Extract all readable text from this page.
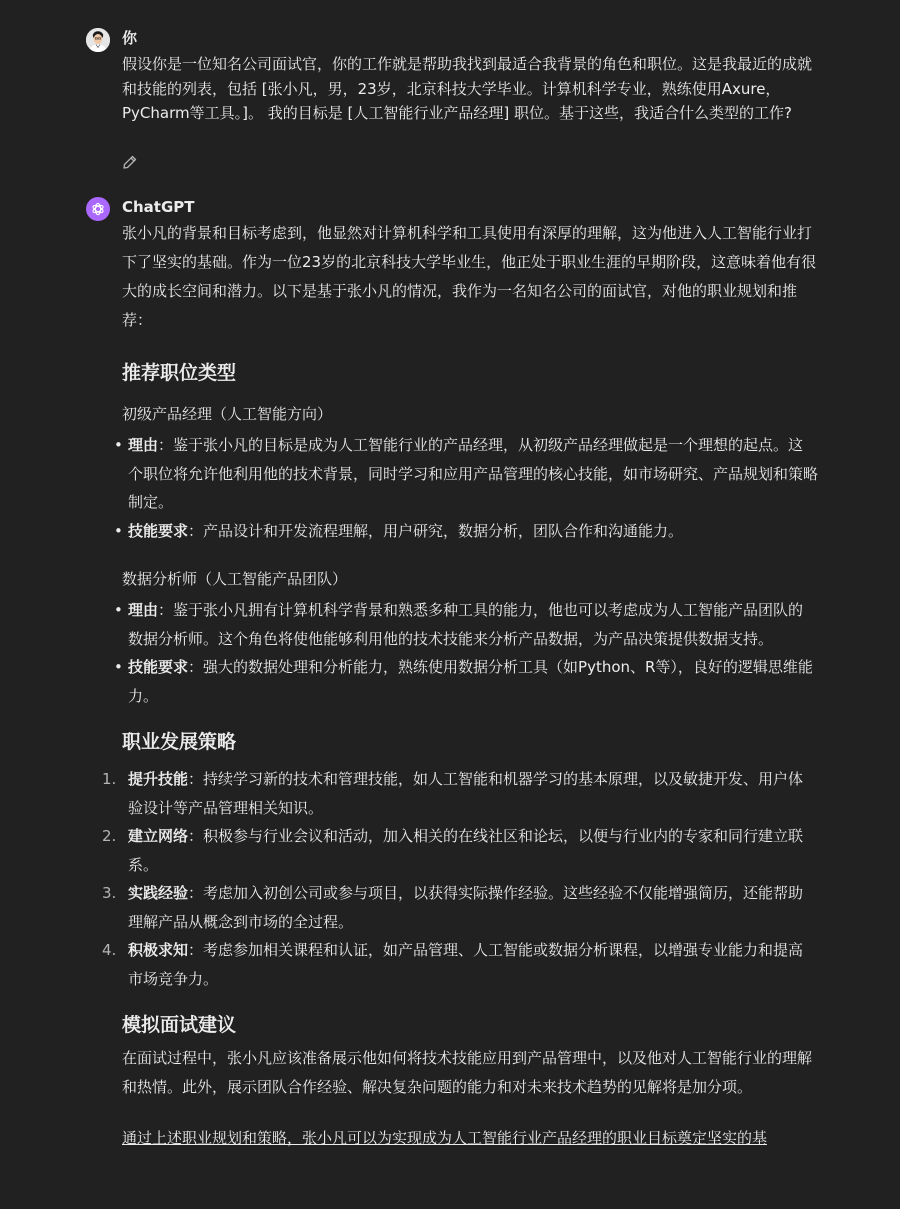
你
假设你是一位知名公司面试官，你的工作就是帮助我找到最适合我背景的角色和职位。这是我最近的成就和技能的列表，包括 [张小凡，男，23岁，北京科技大学毕业。计算机科学专业，熟练使用Axure，PyCharm等工具。]。 我的目标是 [人工智能行业产品经理] 职位。基于这些，我适合什么类型的工作?
ChatGPT

张小凡的背景和目标考虑到，他显然对计算机科学和工具使用有深厚的理解，这为他进入人工智能行业打下了坚实的基础。作为一位23岁的北京科技大学毕业生，他正处于职业生涯的早期阶段，这意味着他有很大的成长空间和潜力。以下是基于张小凡的情况，我作为一名知名公司的面试官，对他的职业规划和推荐：

推荐职位类型

初级产品经理（人工智能方向）

• 理由：鉴于张小凡的目标是成为人工智能行业的产品经理，从初级产品经理做起是一个理想的起点。这个职位将允许他利用他的技术背景，同时学习和应用产品管理的核心技能，如市场研究、产品规划和策略制定。
• 技能要求：产品设计和开发流程理解，用户研究，数据分析，团队合作和沟通能力。

数据分析师（人工智能产品团队）

• 理由：鉴于张小凡拥有计算机科学背景和熟悉多种工具的能力，他也可以考虑成为人工智能产品团队的数据分析师。这个角色将使他能够利用他的技术技能来分析产品数据，为产品决策提供数据支持。
• 技能要求：强大的数据处理和分析能力，熟练使用数据分析工具（如Python、R等），良好的逻辑思维能力。
职业发展策略
1. 提升技能：持续学习新的技术和管理技能，如人工智能和机器学习的基本原理，以及敏捷开发、用户体验设计等产品管理相关知识。
2. 建立网络：积极参与行业会议和活动，加入相关的在线社区和论坛，以便与行业内的专家和同行建立联系。
3. 实践经验：考虑加入初创公司或参与项目，以获得实际操作经验。这些经验不仅能增强简历，还能帮助理解产品从概念到市场的全过程。
4. 积极求知：考虑参加相关课程和认证，如产品管理、人工智能或数据分析课程，以增强专业能力和提高市场竞争力。
模拟面试建议

在面试过程中，张小凡应该准备展示他如何将技术技能应用到产品管理中，以及他对人工智能行业的理解和热情。此外，展示团队合作经验、解决复杂问题的能力和对未来技术趋势的见解将是加分项。

通过上述职业规划和策略，张小凡可以为实现成为人工智能行业产品经理的职业目标奠定坚实的基
